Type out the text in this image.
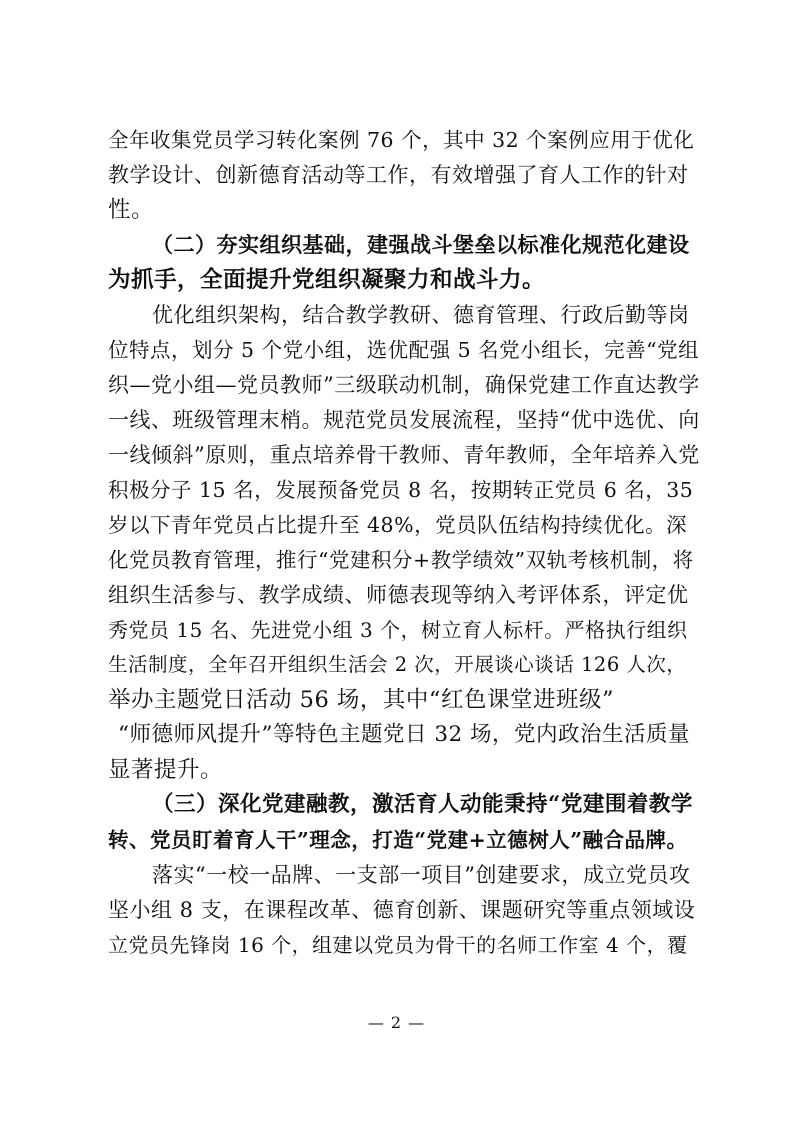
全年收集党员学习转化案例 76 个，其中 32 个案例应用于优化
教学设计、创新德育活动等工作，有效增强了育人工作的针对
性。
（二）夯实组织基础，建强战斗堡垒以标准化规范化建设
为抓手，全面提升党组织凝聚力和战斗力。
优化组织架构，结合教学教研、德育管理、行政后勤等岗
位特点，划分 5 个党小组，选优配强 5 名党小组长，完善“党组
织—党小组—党员教师”三级联动机制，确保党建工作直达教学
一线、班级管理末梢。规范党员发展流程，坚持“优中选优、向
一线倾斜”原则，重点培养骨干教师、青年教师，全年培养入党
积极分子 15 名，发展预备党员 8 名，按期转正党员 6 名，35
岁以下青年党员占比提升至 48%，党员队伍结构持续优化。深
化党员教育管理，推行“党建积分+教学绩效”双轨考核机制，将
组织生活参与、教学成绩、师德表现等纳入考评体系，评定优
秀党员 15 名、先进党小组 3 个，树立育人标杆。严格执行组织
生活制度，全年召开组织生活会 2 次，开展谈心谈话 126 人次，
举办主题党日活动 56 场，其中“红色课堂进班级”
“师德师风提升”等特色主题党日 32 场，党内政治生活质量
显著提升。
（三）深化党建融教，激活育人动能秉持“党建围着教学
转、党员盯着育人干”理念，打造“党建+立德树人”融合品牌。
落实“一校一品牌、一支部一项目”创建要求，成立党员攻
坚小组 8 支，在课程改革、德育创新、课题研究等重点领域设
立党员先锋岗 16 个，组建以党员为骨干的名师工作室 4 个，覆
— 2 —
